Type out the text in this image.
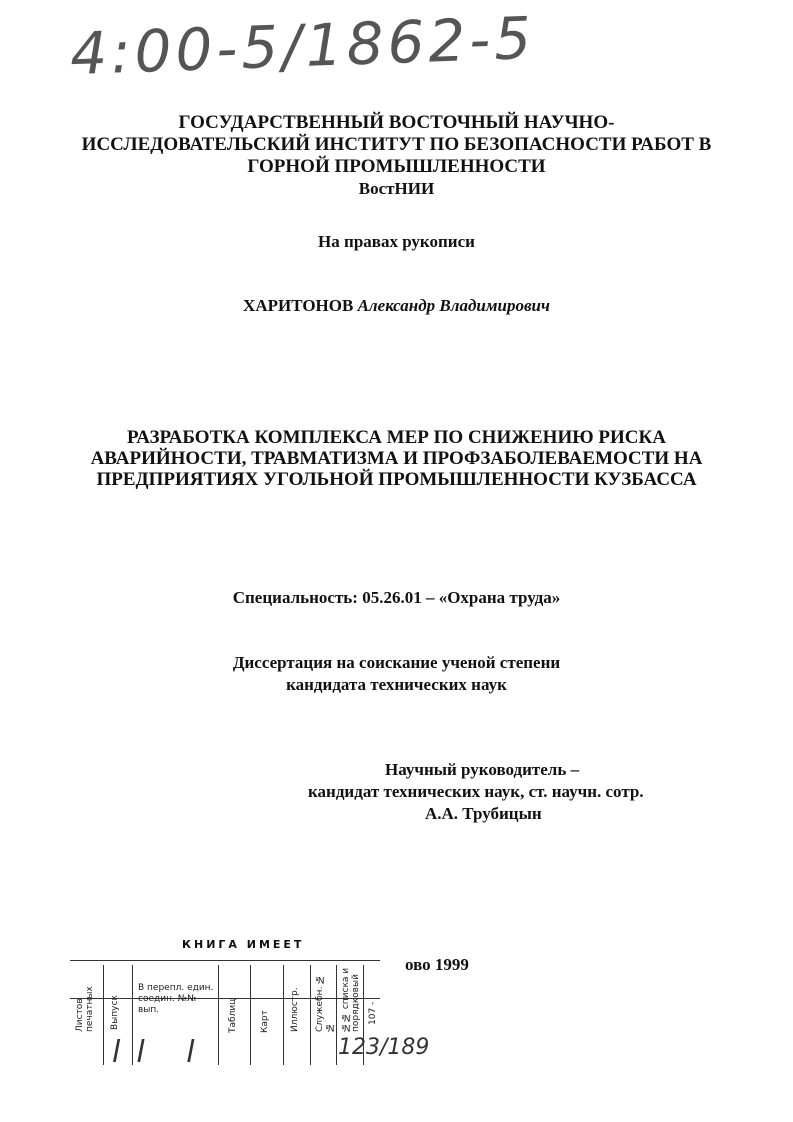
4:00-5/1862-5
ГОСУДАРСТВЕННЫЙ ВОСТОЧНЫЙ НАУЧНО-
ИССЛЕДОВАТЕЛЬСКИЙ ИНСТИТУТ ПО БЕЗОПАСНОСТИ РАБОТ В
ГОРНОЙ ПРОМЫШЛЕННОСТИ
ВостНИИ
На правах рукописи
ХАРИТОНОВ Александр Владимирович
РАЗРАБОТКА КОМПЛЕКСА МЕР ПО СНИЖЕНИЮ РИСКА
АВАРИЙНОСТИ, ТРАВМАТИЗМА И ПРОФЗАБОЛЕВАЕМОСТИ НА
ПРЕДПРИЯТИЯХ УГОЛЬНОЙ ПРОМЫШЛЕННОСТИ КУЗБАССА
Специальность: 05.26.01 – «Охрана труда»
Диссертация на соискание ученой степени
кандидата технических наук
Научный руководитель –
кандидат технических наук, ст. научн. сотр.
А.А. Трубицын
ово 1999
КНИГА ИМЕЕТ
Листов печатных Выпуск
В перепл. един. соедин. №№ вып.	Таблиц Карт Иллюстр. Служебн. №№ №№ списка и порядковый 107 -
123/189
ll l
